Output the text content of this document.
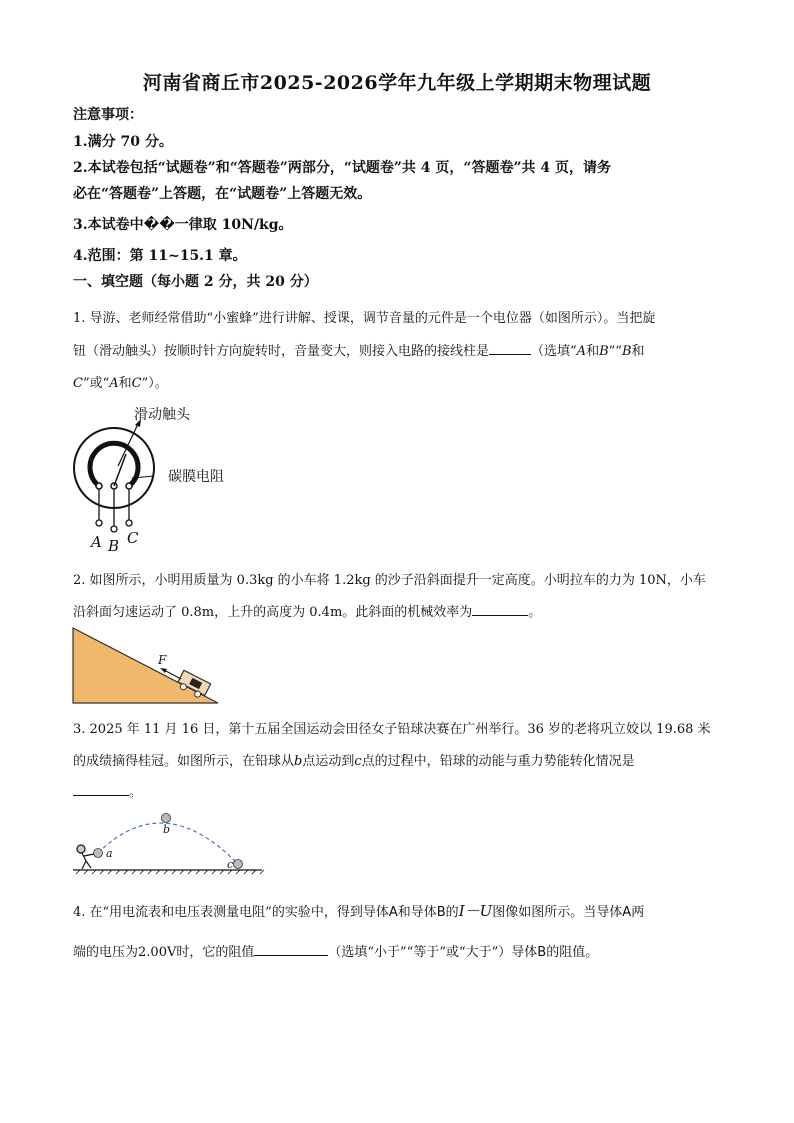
河南省商丘市2025-2026学年九年级上学期期末物理试题
注意事项：
1.满分 70 分。
2.本试卷包括“试题卷”和“答题卷”两部分，“试题卷”共 4 页，“答题卷”共 4 页，请务
必在“答题卷”上答题，在“试题卷”上答题无效。
3.本试卷中��一律取 10N/kg。
4.范围：第 11~15.1 章。
一、填空题（每小题 2 分，共 20 分）
1. 导游、老师经常借助“小蜜蜂”进行讲解、授课，调节音量的元件是一个电位器（如图所示）。当把旋
钮（滑动触头）按顺时针方向旋转时，音量变大，则接入电路的接线柱是	（选填“A和B”“B和
C”或“A和C”）。
滑动触头
碳膜电阻
A B C
2. 如图所示，小明用质量为 0.3kg 的小车将 1.2kg 的沙子沿斜面提升一定高度。小明拉车的力为 10N，小车
沿斜面匀速运动了 0.8m，上升的高度为 0.4m。此斜面的机械效率为	。
F
3. 2025 年 11 月 16 日，第十五届全国运动会田径女子铅球决赛在广州举行。36 岁的老将巩立姣以 19.68 米
的成绩摘得桂冠。如图所示，在铅球从b点运动到c点的过程中，铅球的动能与重力势能转化情况是
。
a
b
c
4. 在“用电流表和电压表测量电阻”的实验中，得到导体A和导体B的I－U图像如图所示。当导体A两
端的电压为2.00V时，它的阻值	（选填“小于”“等于”或“大于”）导体B的阻值。
